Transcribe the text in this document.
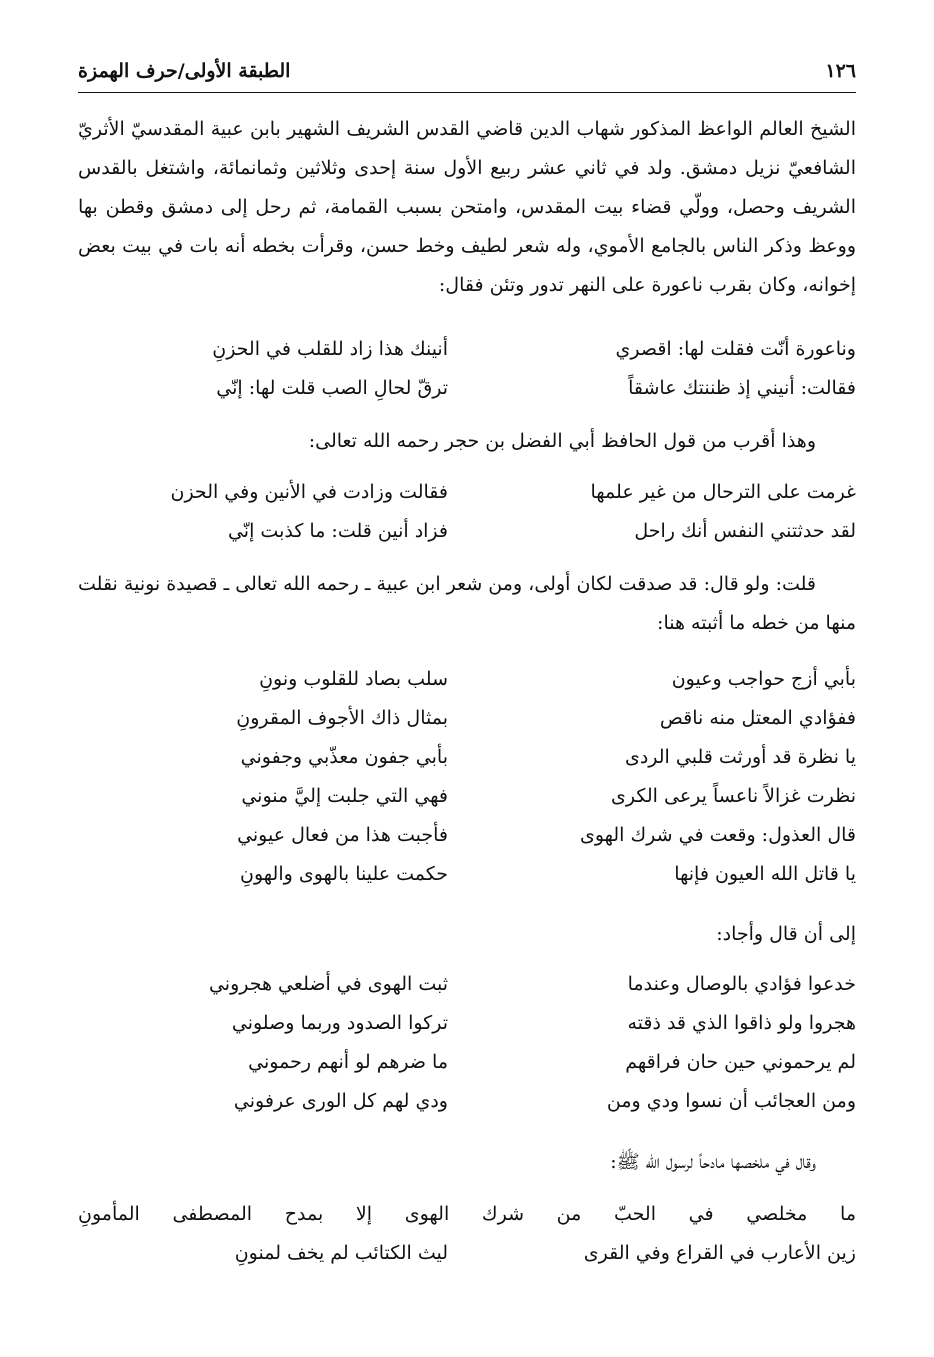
١٢٦
الطبقة الأولى/حرف الهمزة

الشيخ العالم الواعظ المذكور شهاب الدين قاضي القدس الشريف الشهير بابن عبية المقدسيّ الأثريّ الشافعيّ نزيل دمشق. ولد في ثاني عشر ربيع الأول سنة إحدى وثلاثين وثمانمائة، واشتغل بالقدس الشريف وحصل، وولّي قضاء بيت المقدس، وامتحن بسبب القمامة، ثم رحل إلى دمشق وقطن بها ووعظ وذكر الناس بالجامع الأموي، وله شعر لطيف وخط حسن، وقرأت بخطه أنه بات في بيت بعض إخوانه، وكان بقرب ناعورة على النهر تدور وتئن فقال:

وناعورة أنّت فقلت لها: اقصري
أنينك هذا زاد للقلب في الحزنِ
فقالت: أنيني إذ ظننتك عاشقاً
ترقّ لحالِ الصب قلت لها: إنّي
وهذا أقرب من قول الحافظ أبي الفضل بن حجر رحمه الله تعالى:
غرمت على الترحال من غير علمها
فقالت وزادت في الأنين وفي الحزن
لقد حدثتني النفس أنك راحل
فزاد أنين قلت: ما كذبت إنّي

قلت: ولو قال: قد صدقت لكان أولى، ومن شعر ابن عبية ـ رحمه الله تعالى ـ قصيدة نونية نقلت منها من خطه ما أثبته هنا:

بأبي أزج حواجب وعيون
سلب بصاد للقلوب ونونِ
ففؤادي المعتل منه ناقص
بمثال ذاك الأجوف المقرونِ
يا نظرة قد أورثت قلبي الردى
بأبي جفون معذّبي وجفوني
نظرت غزالاً ناعساً يرعى الكرى
فهي التي جلبت إليَّ منوني
قال العذول: وقعت في شرك الهوى
فأجبت هذا من فعال عيوني
يا قاتل الله العيون فإنها
حكمت علينا بالهوى والهونِ
إلى أن قال وأجاد:
خدعوا فؤادي بالوصال وعندما
ثبت الهوى في أضلعي هجروني
هجروا ولو ذاقوا الذي قد ذقته
تركوا الصدود وربما وصلوني
لم يرحموني حين حان فراقهم
ما ضرهم لو أنهم رحموني
ومن العجائب أن نسوا ودي ومن
ودي لهم كل الورى عرفوني
وقال في ملخصها مادحاً لرسول الله ﷺ:
ما مخلصي في الحبّ من شرك الهوى إلا بمدح المصطفى المأمونِ
زين الأعارب في القراع وفي القرى
ليث الكتائب لم يخف لمنونِ
